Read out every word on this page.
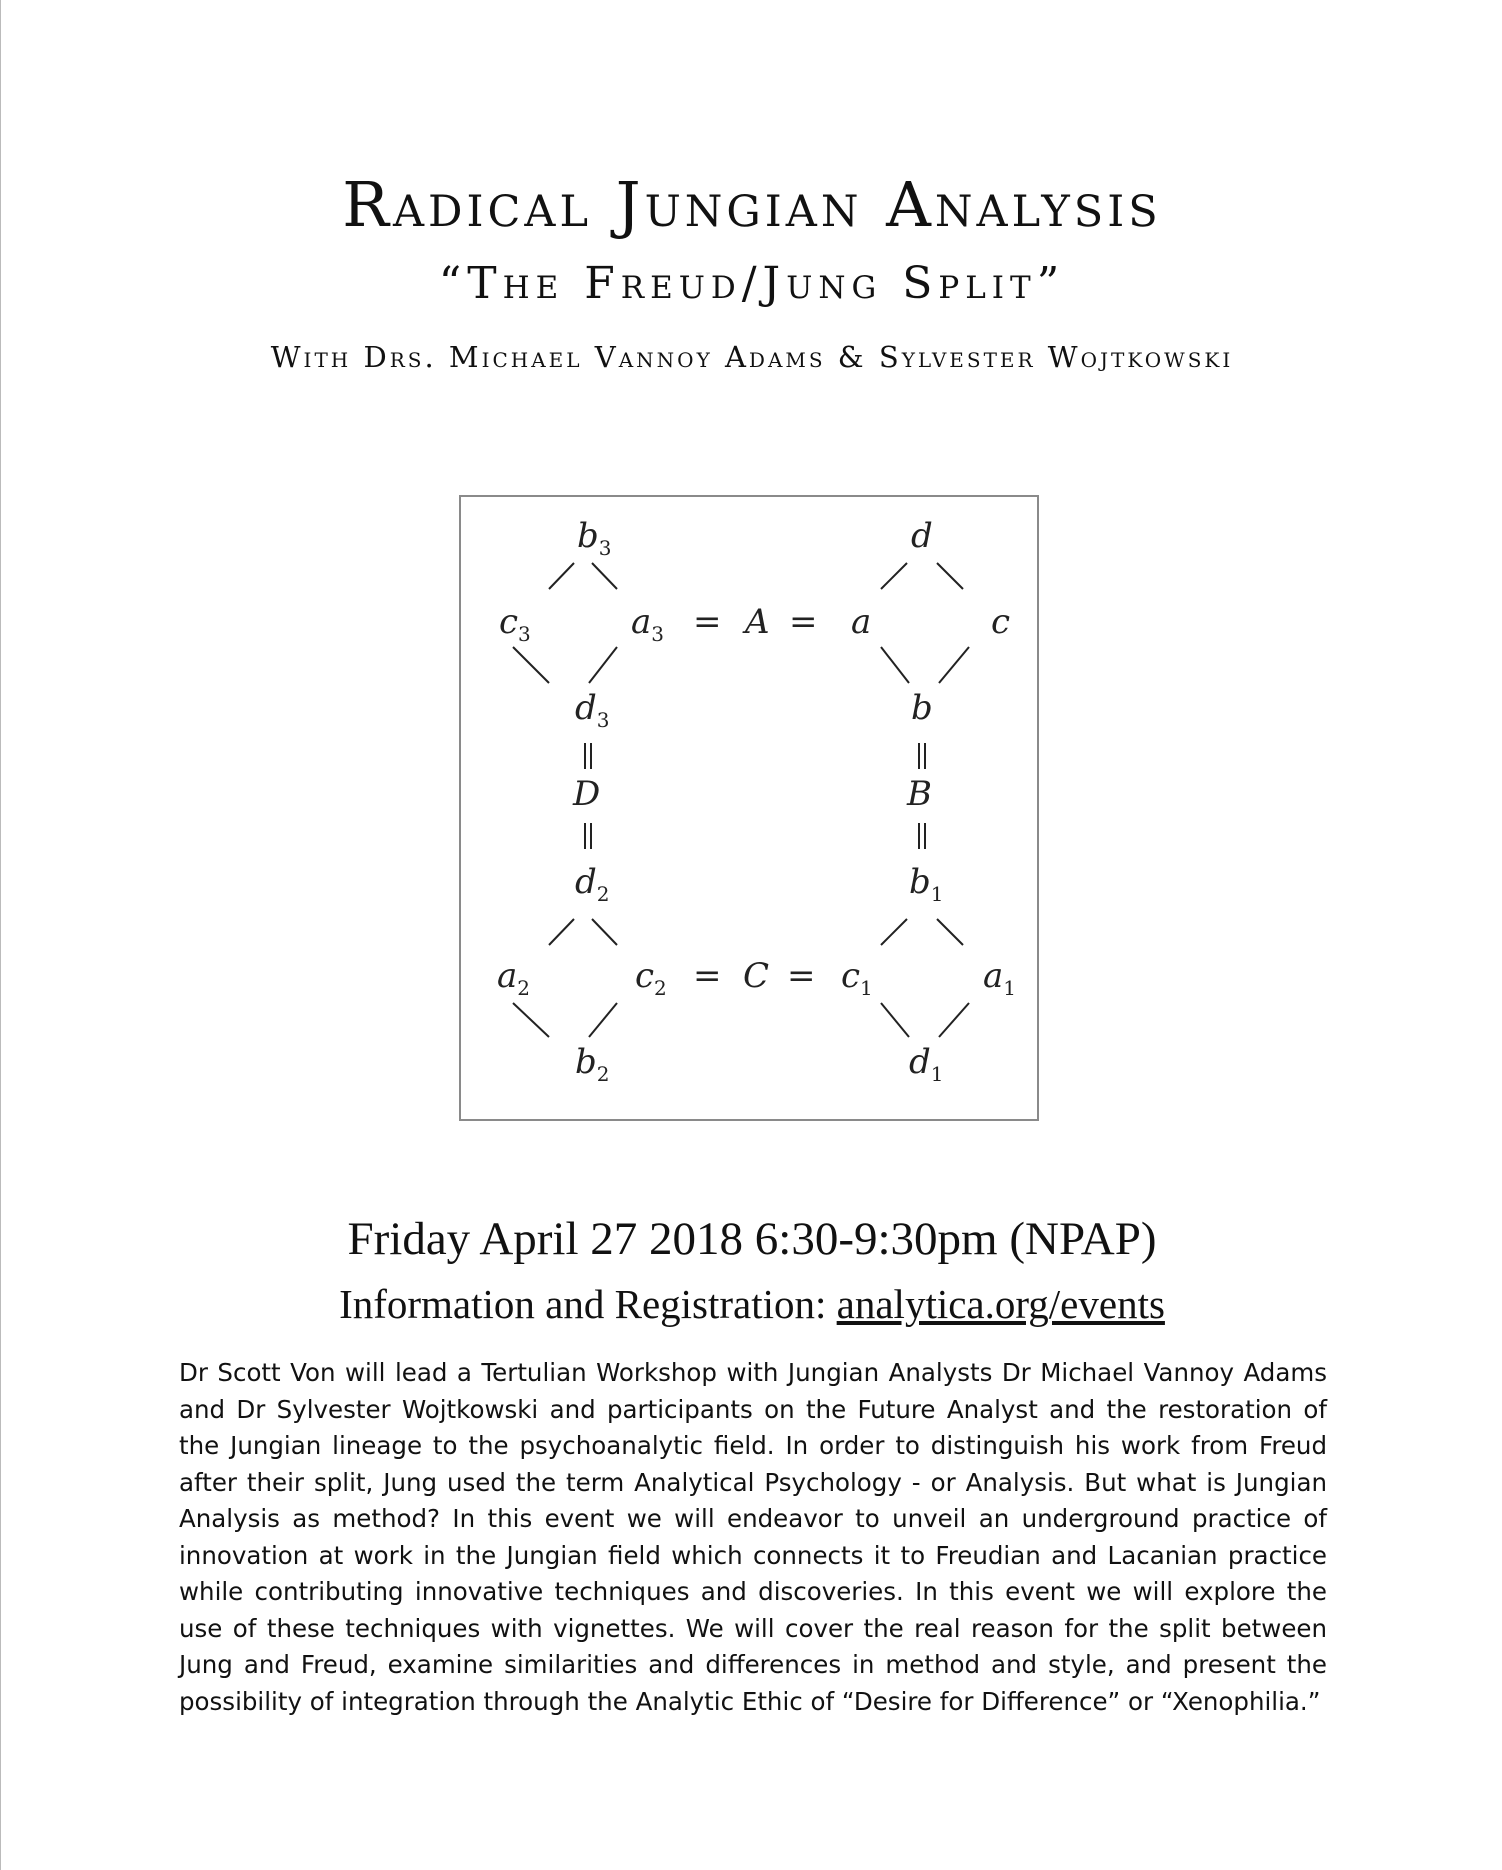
Radical Jungian Analysis
“The Freud/Jung Split”
With Drs. Michael Vannoy Adams & Sylvester Wojtkowski
$b_3$
$c_3$	$a_3$
$d_3$
= A = a
d
c
b
D	B
$d_2$
$a_2$	$c_2$
$b_2$
= $C = c_1$
$b_1$
$a_1$
$d_1$
Friday April 27 2018 6:30-9:30pm (NPAP)
Information and Registration: analytica.org/events
Dr Scott Von will lead a Tertulian Workshop with Jungian Analysts Dr Michael Vannoy Adams and Dr Sylvester Wojtkowski and participants on the Future Analyst and the restoration of the Jungian lineage to the psychoanalytic field. In order to distinguish his work from Freud after their split, Jung used the term Analytical Psychology - or Analysis. But what is Jungian Analysis as method? In this event we will endeavor to unveil an underground practice of innovation at work in the Jungian field which connects it to Freudian and Lacanian practice while contributing innovative techniques and discoveries. In this event we will explore the use of these techniques with vignettes. We will cover the real reason for the split between Jung and Freud, examine similarities and differences in method and style, and present the possibility of integration through the Analytic Ethic of “Desire for Difference” or “Xenophilia.”
